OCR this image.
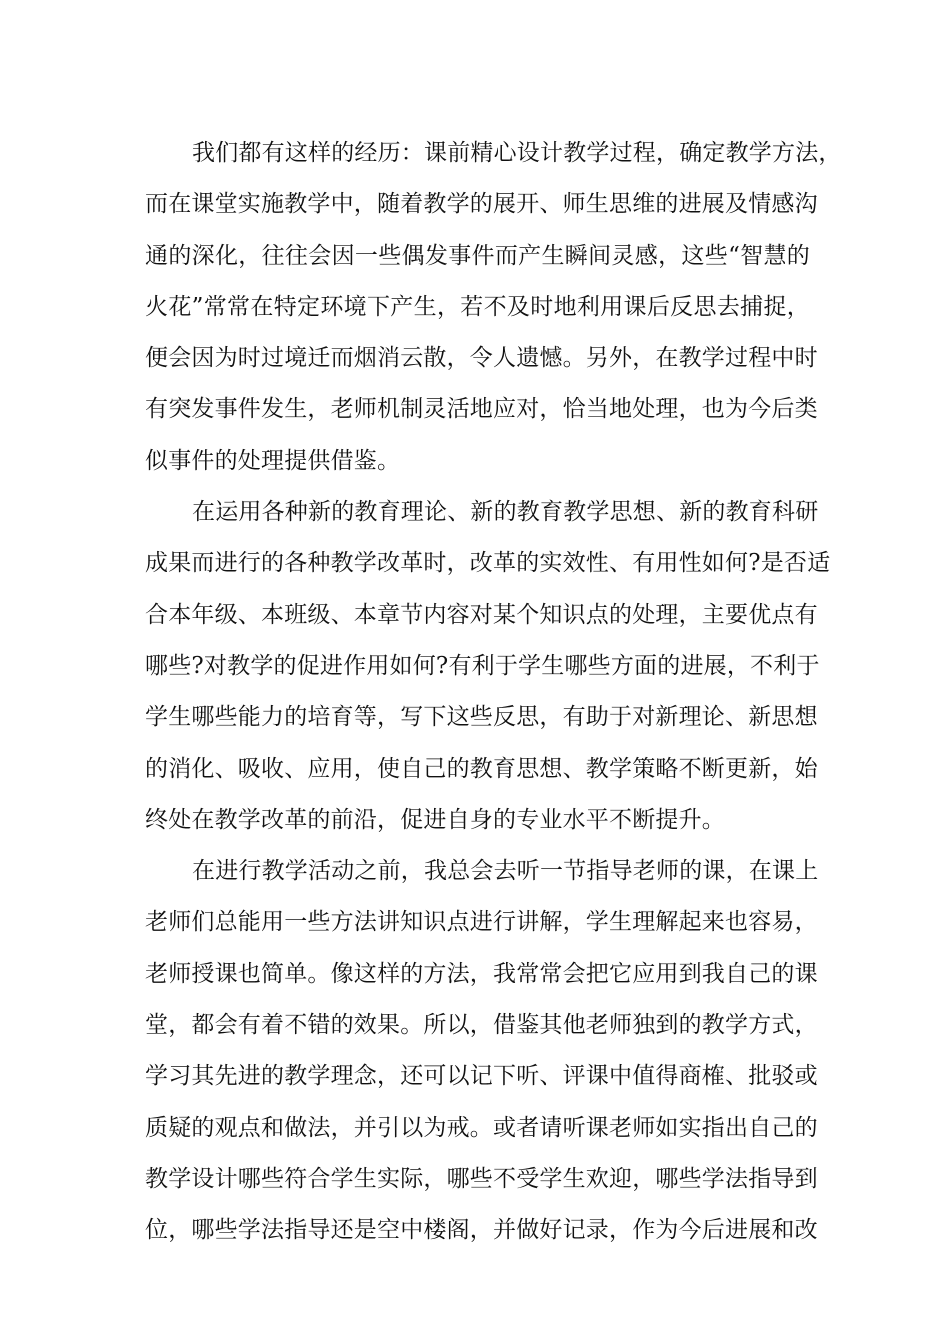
我们都有这样的经历：课前精心设计教学过程，确定教学方法，
而在课堂实施教学中，随着教学的展开、师生思维的进展及情感沟
通的深化，往往会因一些偶发事件而产生瞬间灵感，这些“智慧的
火花”常常在特定环境下产生，若不及时地利用课后反思去捕捉，
便会因为时过境迁而烟消云散，令人遗憾。另外，在教学过程中时
有突发事件发生，老师机制灵活地应对，恰当地处理，也为今后类
似事件的处理提供借鉴。
在运用各种新的教育理论、新的教育教学思想、新的教育科研
成果而进行的各种教学改革时，改革的实效性、有用性如何?是否适
合本年级、本班级、本章节内容对某个知识点的处理，主要优点有
哪些?对教学的促进作用如何?有利于学生哪些方面的进展，不利于
学生哪些能力的培育等，写下这些反思，有助于对新理论、新思想
的消化、吸收、应用，使自己的教育思想、教学策略不断更新，始
终处在教学改革的前沿，促进自身的专业水平不断提升。
在进行教学活动之前，我总会去听一节指导老师的课，在课上
老师们总能用一些方法讲知识点进行讲解，学生理解起来也容易，
老师授课也简单。像这样的方法，我常常会把它应用到我自己的课
堂，都会有着不错的效果。所以，借鉴其他老师独到的教学方式，
学习其先进的教学理念，还可以记下听、评课中值得商榷、批驳或
质疑的观点和做法，并引以为戒。或者请听课老师如实指出自己的
教学设计哪些符合学生实际，哪些不受学生欢迎，哪些学法指导到
位，哪些学法指导还是空中楼阁，并做好记录，作为今后进展和改
